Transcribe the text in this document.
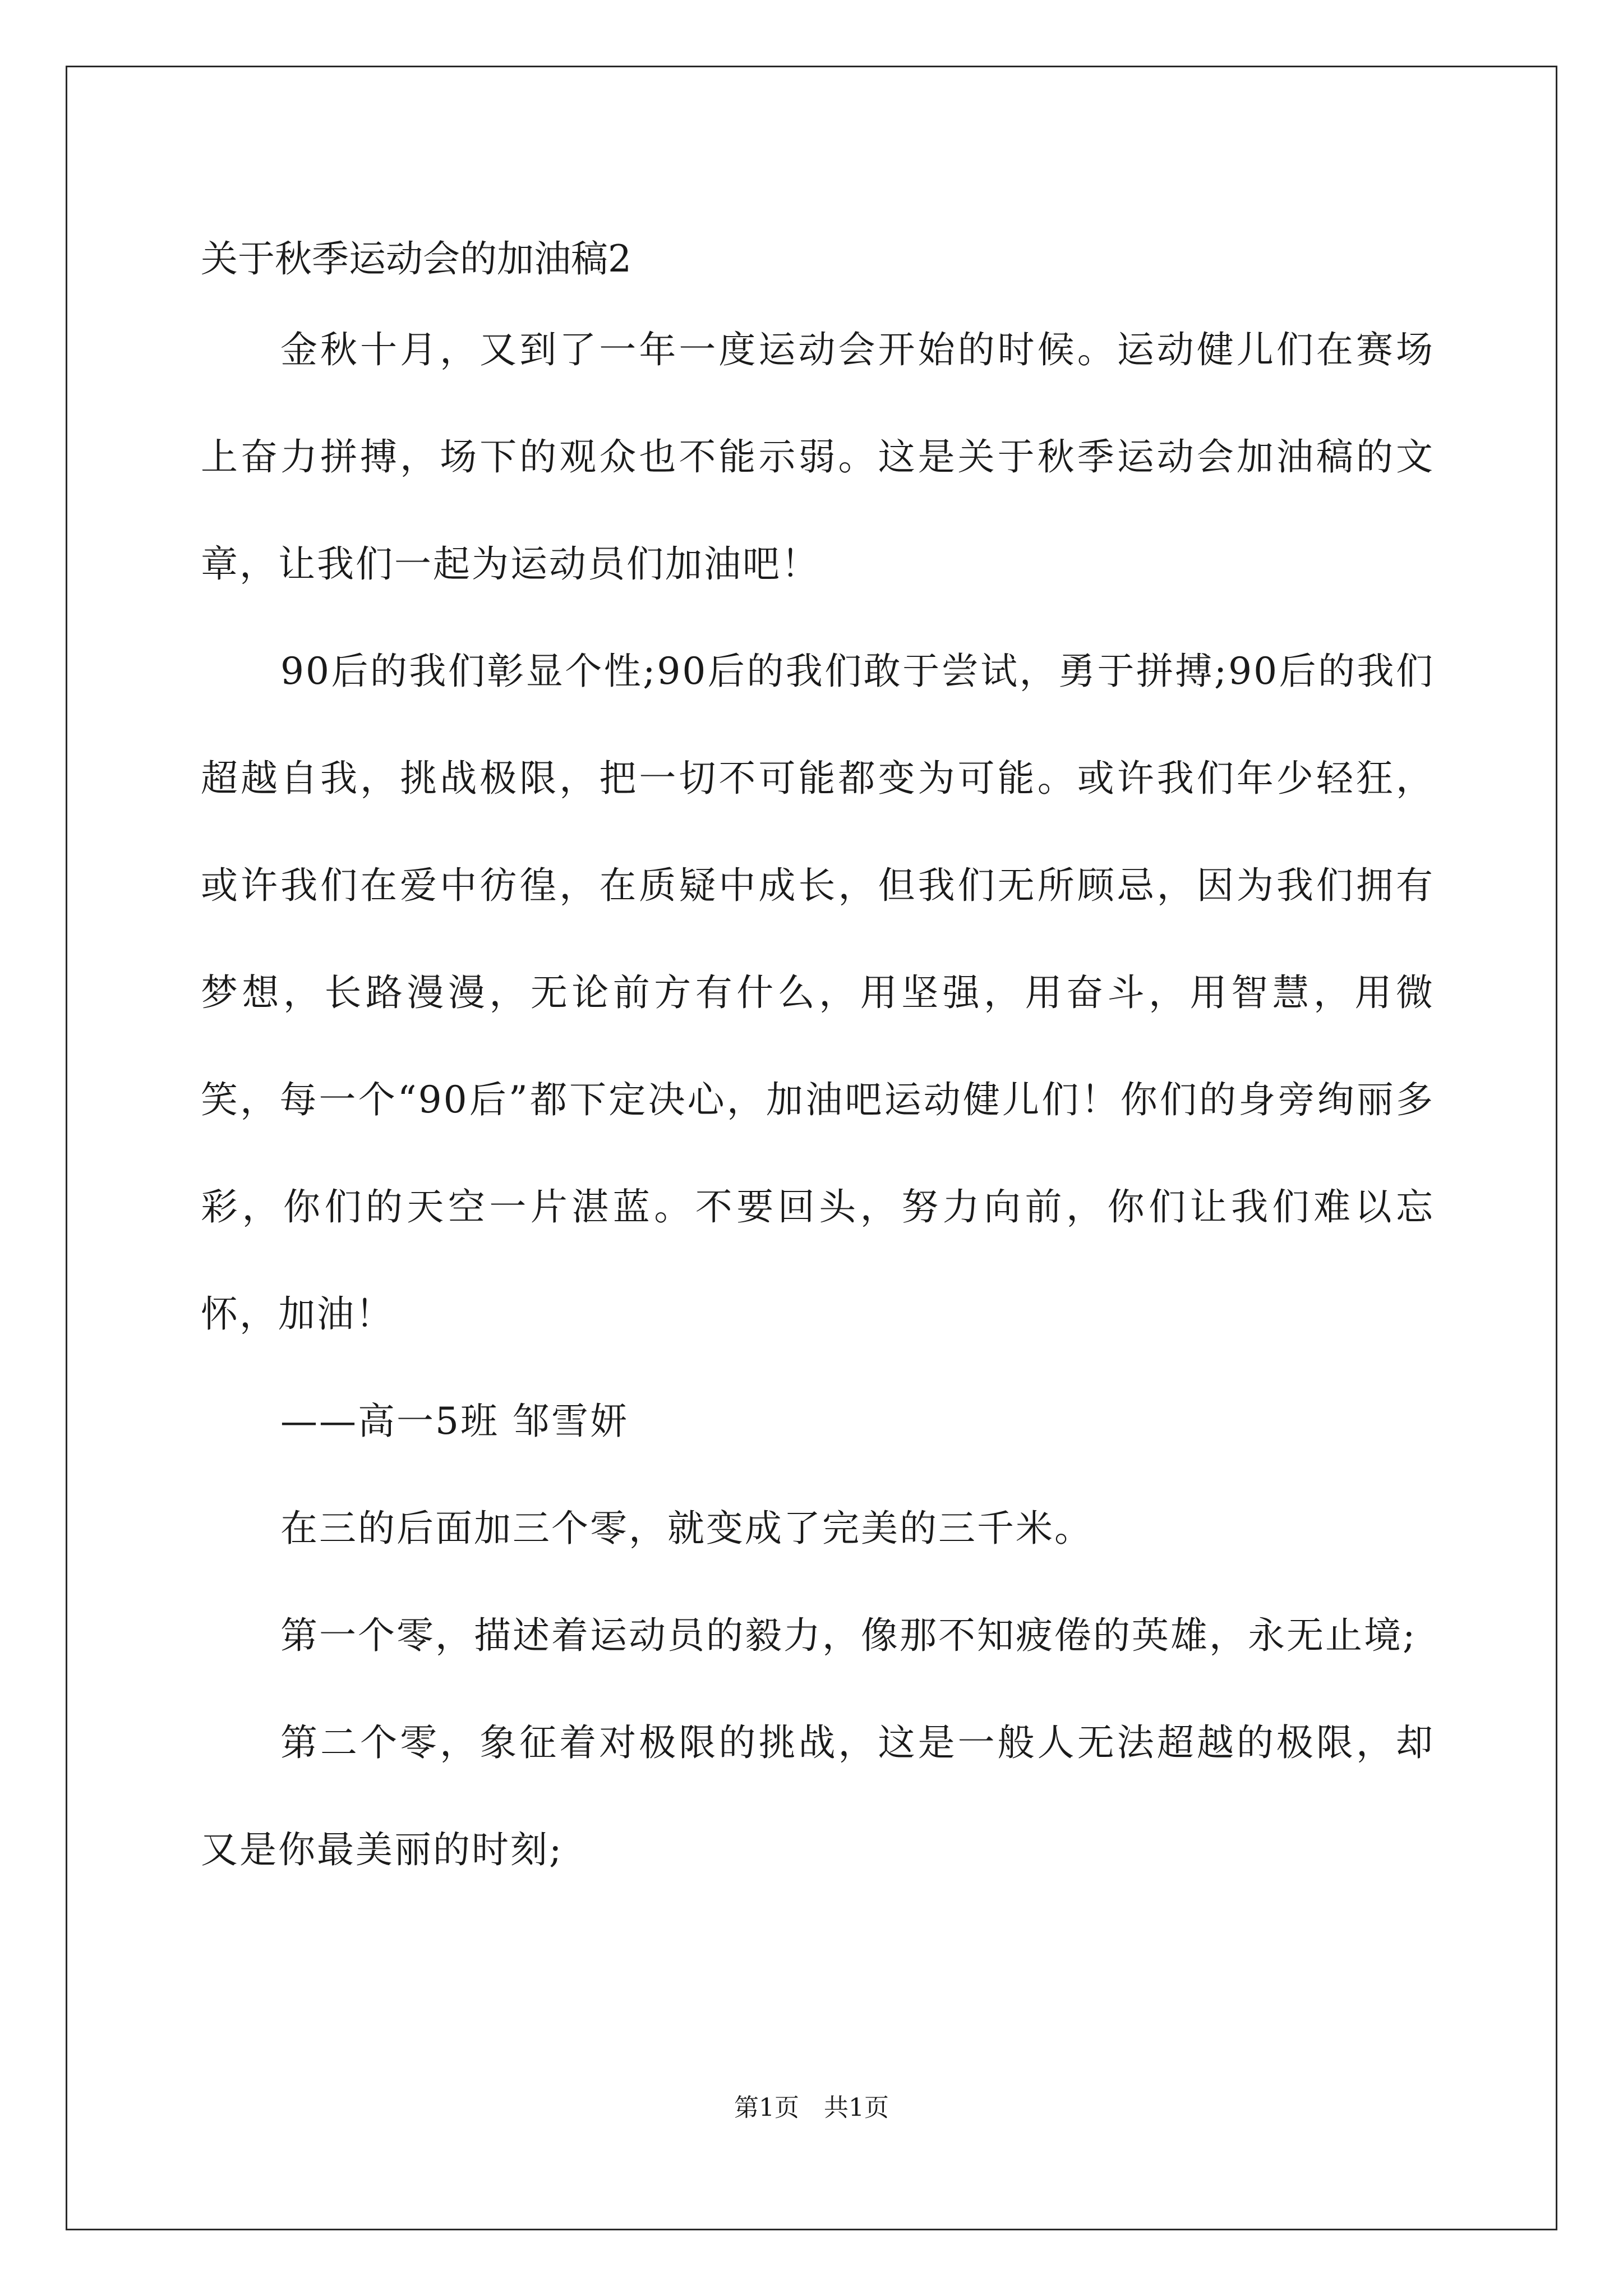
关于秋季运动会的加油稿2

金秋十月，又到了一年一度运动会开始的时候。运动健儿们在赛场上奋力拼搏，场下的观众也不能示弱。这是关于秋季运动会加油稿的文章，让我们一起为运动员们加油吧！

90后的我们彰显个性;90后的我们敢于尝试，勇于拼搏;90后的我们超越自我，挑战极限，把一切不可能都变为可能。或许我们年少轻狂，或许我们在爱中彷徨，在质疑中成长，但我们无所顾忌，因为我们拥有梦想，长路漫漫，无论前方有什么，用坚强，用奋斗，用智慧，用微笑，每一个“90后”都下定决心，加油吧运动健儿们！你们的身旁绚丽多彩，你们的天空一片湛蓝。不要回头，努力向前，你们让我们难以忘怀，加油！

——高一5班 邹雪妍

在三的后面加三个零，就变成了完美的三千米。

第一个零，描述着运动员的毅力，像那不知疲倦的英雄，永无止境;

第二个零，象征着对极限的挑战，这是一般人无法超越的极限，却又是你最美丽的时刻;

第1页　共1页
